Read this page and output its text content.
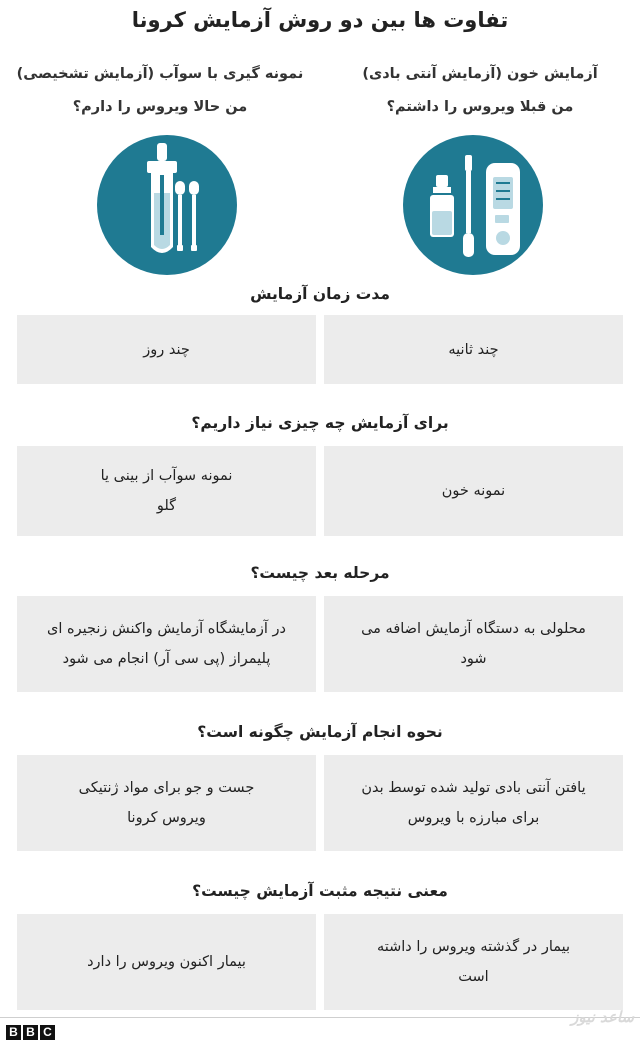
تفاوت ها بین دو روش آزمایش کرونا
آزمایش خون (آزمایش آنتی بادی)
من قبلا ویروس را داشتم؟
نمونه گیری با سوآب (آزمایش تشخیصی)
من حالا ویروس را دارم؟
مدت زمان آزمایش
چند ثانیه
چند روز
برای آزمایش چه چیزی نیاز داریم؟
نمونه خون
نمونه سوآب از بینی یا گلو
مرحله بعد چیست؟
محلولی به دستگاه آزمایش اضافه می شود
در آزمایشگاه آزمایش واکنش زنجیره ای پلیمراز (پی سی آر) انجام می شود
نحوه انجام آزمایش چگونه است؟
یافتن آنتی بادی تولید شده توسط بدن برای مبارزه با ویروس
جست و جو برای مواد ژنتیکی ویروس کرونا
معنی نتیجه مثبت آزمایش چیست؟
بیمار در گذشته ویروس را داشته است
بیمار اکنون ویروس را دارد
B B C
ساعد نیوز
